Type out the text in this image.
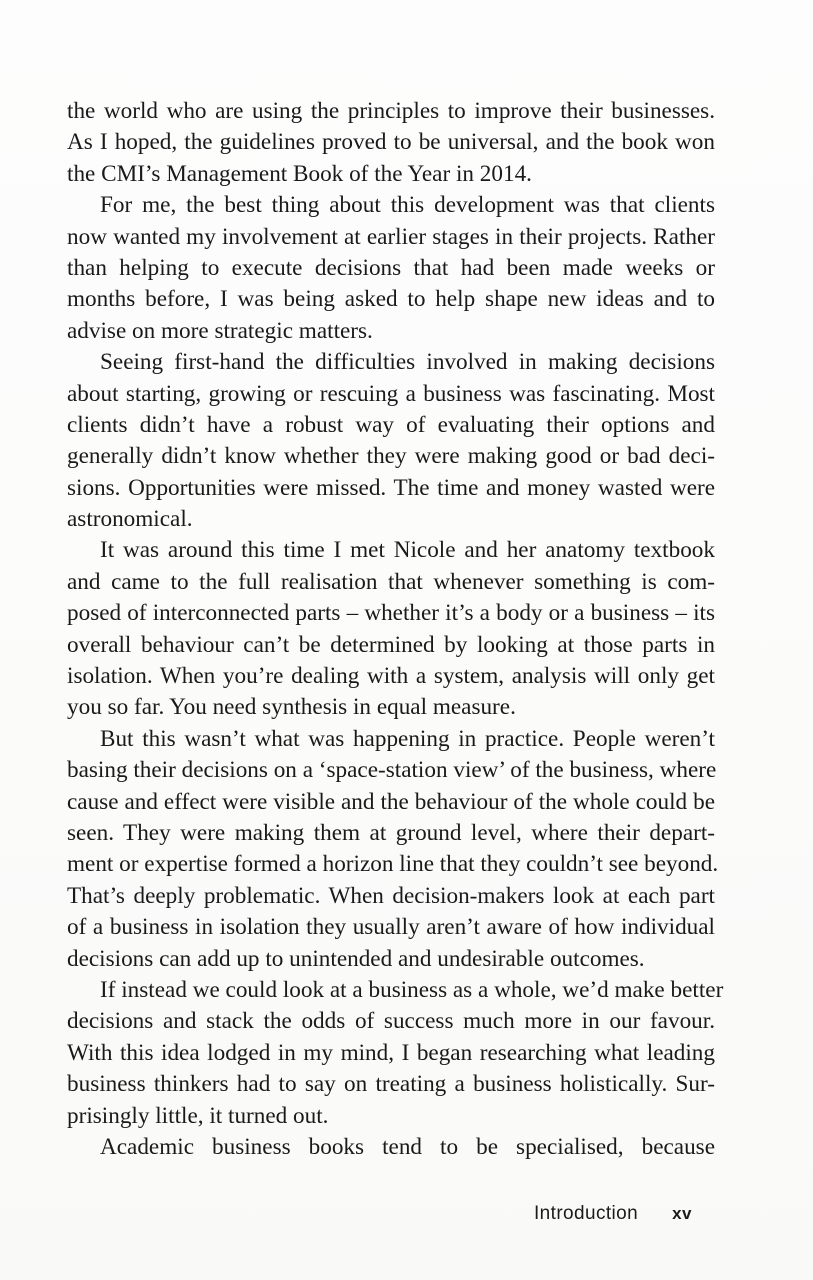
the world who are using the principles to improve their businesses.
As I hoped, the guidelines proved to be universal, and the book won
the CMI’s Management Book of the Year in 2014.
For me, the best thing about this development was that clients
now wanted my involvement at earlier stages in their projects. Rather
than helping to execute decisions that had been made weeks or
months before, I was being asked to help shape new ideas and to
advise on more strategic matters.
Seeing first-hand the difficulties involved in making decisions
about starting, growing or rescuing a business was fascinating. Most
clients didn’t have a robust way of evaluating their options and
generally didn’t know whether they were making good or bad deci-
sions. Opportunities were missed. The time and money wasted were
astronomical.
It was around this time I met Nicole and her anatomy textbook
and came to the full realisation that whenever something is com-
posed of interconnected parts – whether it’s a body or a business – its
overall behaviour can’t be determined by looking at those parts in
isolation. When you’re dealing with a system, analysis will only get
you so far. You need synthesis in equal measure.
But this wasn’t what was happening in practice. People weren’t
basing their decisions on a ‘space-station view’ of the business, where
cause and effect were visible and the behaviour of the whole could be
seen. They were making them at ground level, where their depart-
ment or expertise formed a horizon line that they couldn’t see beyond.
That’s deeply problematic. When decision-makers look at each part
of a business in isolation they usually aren’t aware of how individual
decisions can add up to unintended and undesirable outcomes.
If instead we could look at a business as a whole, we’d make better
decisions and stack the odds of success much more in our favour.
With this idea lodged in my mind, I began researching what leading
business thinkers had to say on treating a business holistically. Sur-
prisingly little, it turned out.
Academic business books tend to be specialised, because
Introduction xv
